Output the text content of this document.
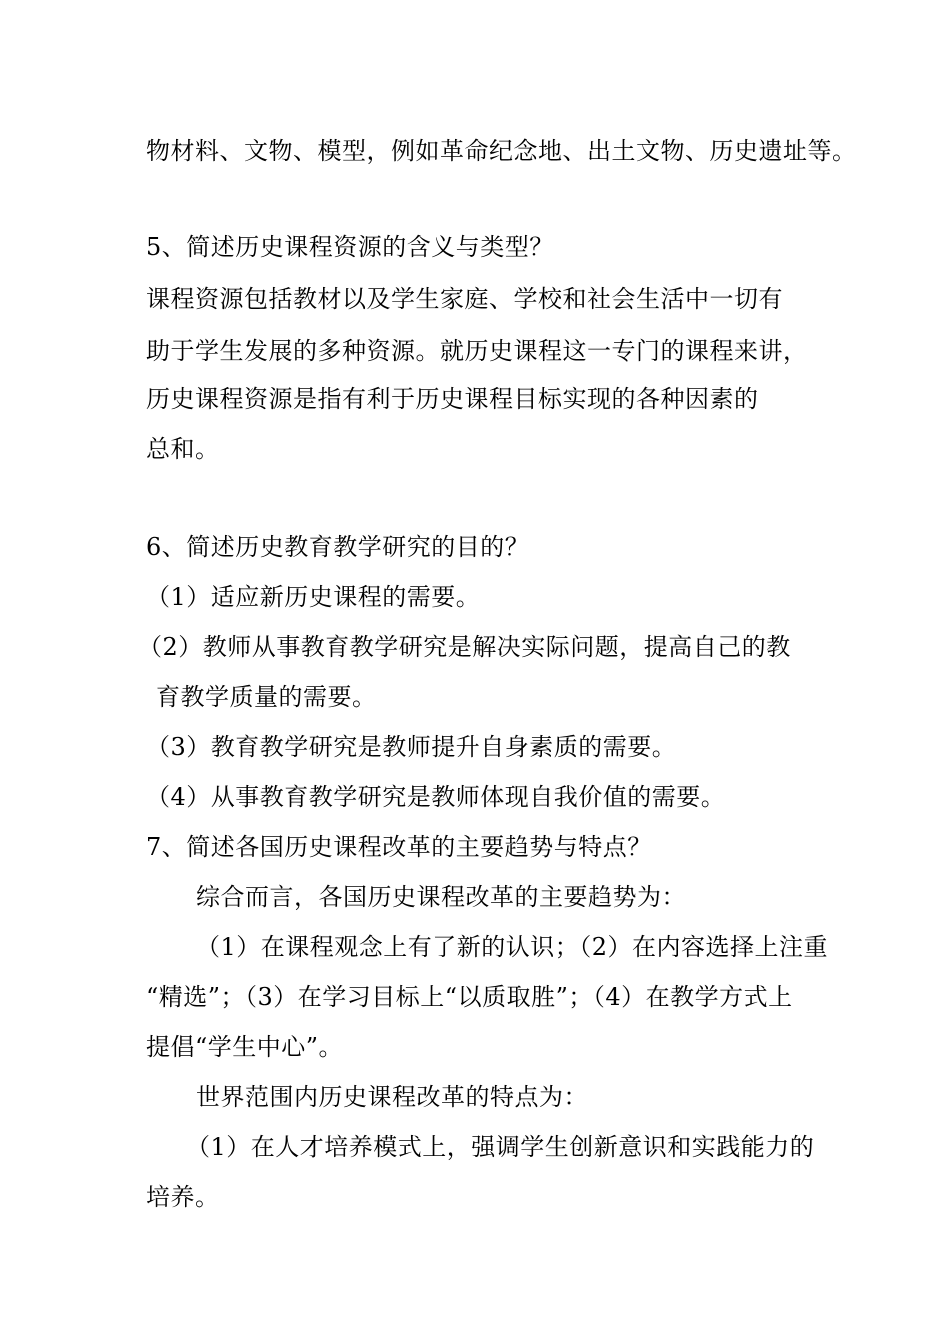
物材料、文物、模型，例如革命纪念地、出土文物、历史遗址等。
5、简述历史课程资源的含义与类型？
课程资源包括教材以及学生家庭、学校和社会生活中一切有
助于学生发展的多种资源。就历史课程这一专门的课程来讲，
历史课程资源是指有利于历史课程目标实现的各种因素的
总和。
6、简述历史教育教学研究的目的？
（1）适应新历史课程的需要。
（2）教师从事教育教学研究是解决实际问题，提高自己的教
育教学质量的需要。
（3）教育教学研究是教师提升自身素质的需要。
（4）从事教育教学研究是教师体现自我价值的需要。
7、简述各国历史课程改革的主要趋势与特点？
综合而言，各国历史课程改革的主要趋势为：
（1）在课程观念上有了新的认识；（2）在内容选择上注重
“精选”；（3）在学习目标上“以质取胜”；（4）在教学方式上
提倡“学生中心”。
世界范围内历史课程改革的特点为：
（1）在人才培养模式上，强调学生创新意识和实践能力的
培养。
